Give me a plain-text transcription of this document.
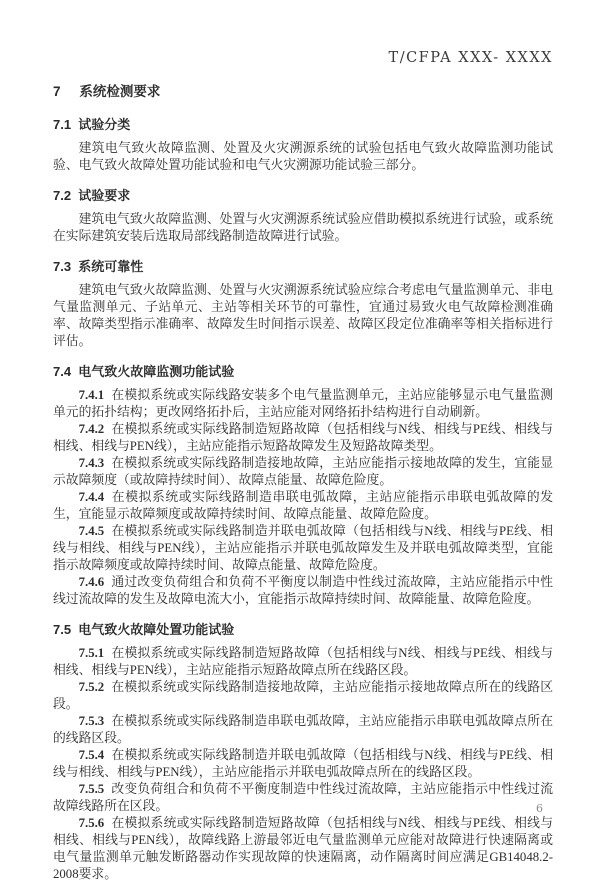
T/CFPA XXX- XXXX
7 系统检测要求
7.1 试验分类

建筑电气致火故障监测、处置及火灾溯源系统的试验包括电气致火故障监测功能试验、电气致火故障处置功能试验和电气火灾溯源功能试验三部分。

7.2 试验要求

建筑电气致火故障监测、处置与火灾溯源系统试验应借助模拟系统进行试验，或系统在实际建筑安装后选取局部线路制造故障进行试验。

7.3 系统可靠性

建筑电气致火故障监测、处置与火灾溯源系统试验应综合考虑电气量监测单元、非电气量监测单元、子站单元、主站等相关环节的可靠性，宜通过易致火电气故障检测准确率、故障类型指示准确率、故障发生时间指示误差、故障区段定位准确率等相关指标进行评估。

7.4 电气致火故障监测功能试验

7.4.1 在模拟系统或实际线路安装多个电气量监测单元，主站应能够显示电气量监测单元的拓扑结构；更改网络拓扑后，主站应能对网络拓扑结构进行自动刷新。

7.4.2 在模拟系统或实际线路制造短路故障（包括相线与N线、相线与PE线、相线与相线、相线与PEN线），主站应能指示短路故障发生及短路故障类型。

7.4.3 在模拟系统或实际线路制造接地故障，主站应能指示接地故障的发生，宜能显示故障频度（或故障持续时间）、故障点能量、故障危险度。

7.4.4 在模拟系统或实际线路制造串联电弧故障，主站应能指示串联电弧故障的发生，宜能显示故障频度或故障持续时间、故障点能量、故障危险度。

7.4.5 在模拟系统或实际线路制造并联电弧故障（包括相线与N线、相线与PE线、相线与相线、相线与PEN线），主站应能指示并联电弧故障发生及并联电弧故障类型，宜能指示故障频度或故障持续时间、故障点能量、故障危险度。

7.4.6 通过改变负荷组合和负荷不平衡度以制造中性线过流故障，主站应能指示中性线过流故障的发生及故障电流大小，宜能指示故障持续时间、故障能量、故障危险度。

7.5 电气致火故障处置功能试验

7.5.1 在模拟系统或实际线路制造短路故障（包括相线与N线、相线与PE线、相线与相线、相线与PEN线），主站应能指示短路故障点所在线路区段。

7.5.2 在模拟系统或实际线路制造接地故障，主站应能指示接地故障点所在的线路区段。

7.5.3 在模拟系统或实际线路制造串联电弧故障，主站应能指示串联电弧故障点所在的线路区段。

7.5.4 在模拟系统或实际线路制造并联电弧故障（包括相线与N线、相线与PE线、相线与相线、相线与PEN线），主站应能指示并联电弧故障点所在的线路区段。

7.5.5 改变负荷组合和负荷不平衡度制造中性线过流故障，主站应能指示中性线过流故障线路所在区段。

7.5.6 在模拟系统或实际线路制造短路故障（包括相线与N线、相线与PE线、相线与相线、相线与PEN线），故障线路上游最邻近电气量监测单元应能对故障进行快速隔离或电气量监测单元触发断路器动作实现故障的快速隔离，动作隔离时间应满足GB14048.2-2008要求。

6
